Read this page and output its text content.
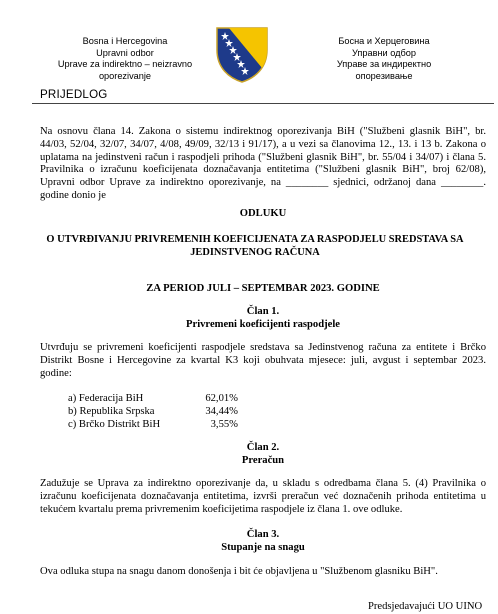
Bosna i Hercegovina
Upravni odbor
Uprave za indirektno – neizravno
oporezivanje
Босна и Херцеговина
Управни одбор
Управе за индиректно опорезивање
PRIJEDLOG
Na osnovu člana 14. Zakona o sistemu indirektnog oporezivanja BiH ("Službeni glasnik BiH", br.
44/03, 52/04, 32/07, 34/07, 4/08, 49/09, 32/13 i 91/17), a u vezi sa članovima 12., 13. i 13 b. Zakona o
uplatama na jedinstveni račun i raspodjeli prihoda ("Službeni glasnik BiH", br. 55/04 i 34/07) i člana 5.
Pravilnika o izračunu koeficijenata doznačavanja entitetima ("Službeni glasnik BiH", broj 62/08),
Upravni odbor Uprave za indirektno oporezivanje, na ________ sjednici, održanoj dana ________.
godine donio je
ODLUKU
O UTVRĐIVANJU PRIVREMENIH KOEFICIJENATA ZA RASPODJELU SREDSTAVA SA
JEDINSTVENOG RAČUNA
ZA PERIOD JULI – SEPTEMBAR 2023. GODINE
Član 1.
Privremeni koeficijenti raspodjele
Utvrđuju se privremeni koeficijenti raspodjele sredstava sa Jedinstvenog računa za entitete i Brčko
Distrikt Bosne i Hercegovine za kvartal K3 koji obuhvata mjesece: juli, avgust i septembar 2023.
godine:
a) Federacija BiH	62,01%
b) Republika Srpska	34,44%
c) Brčko Distrikt BiH	3,55%
Član 2.
Preračun
Zadužuje se Uprava za indirektno oporezivanje da, u skladu s odredbama člana 5. (4) Pravilnika o
izračunu koeficijenata doznačavanja entitetima, izvrši preračun već doznačenih prihoda entitetima u
tekućem kvartalu prema privremenim koeficijetima raspodjele iz člana 1. ove odluke.
Član 3.
Stupanje na snagu
Ova odluka stupa na snagu danom donošenja i bit će objavljena u "Službenom glasniku BiH".
Predsjedavajući UO UINO
